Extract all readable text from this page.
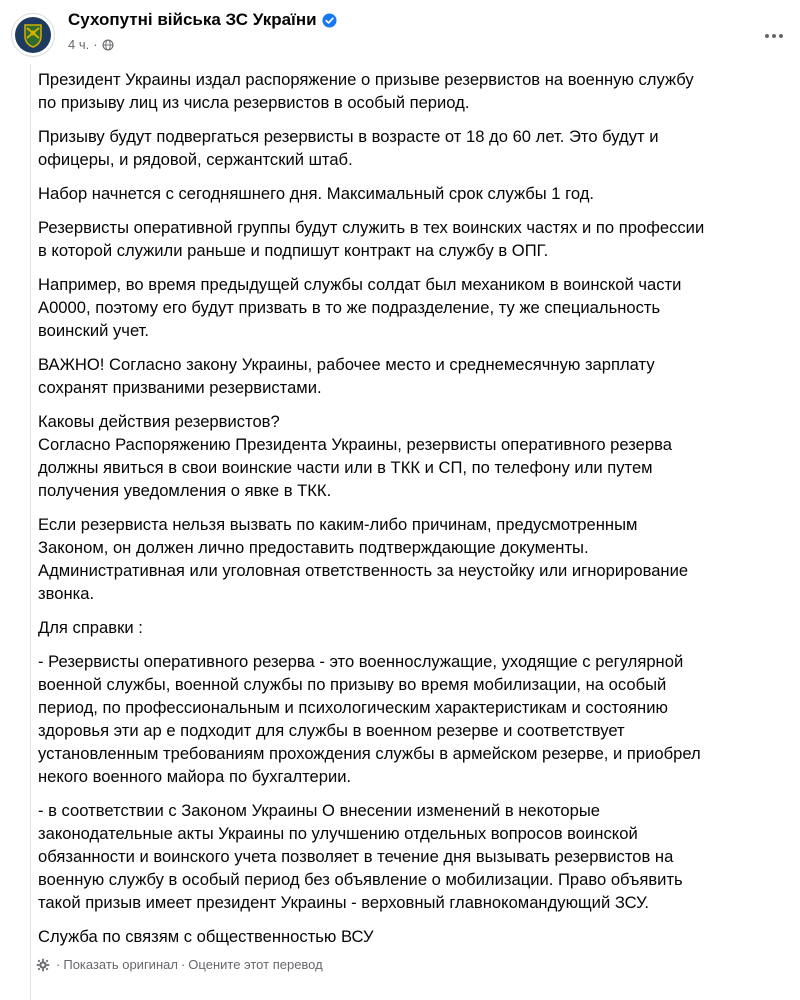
Сухопутні війська ЗС України
4 ч. ·

Президент Украины издал распоряжение о призыве резервистов на военную службу
по призыву лиц из числа резервистов в особый период.

Призыву будут подвергаться резервисты в возрасте от 18 до 60 лет. Это будут и
офицеры, и рядовой, сержантский штаб.

Набор начнется с сегодняшнего дня. Максимальный срок службы 1 год.

Резервисты оперативной группы будут служить в тех воинских частях и по профессии
в которой служили раньше и подпишут контракт на службу в ОПГ.

Например, во время предыдущей службы солдат был механиком в воинской части
А0000, поэтому его будут призвать в то же подразделение, ту же специальность
воинский учет.

ВАЖНО! Согласно закону Украины, рабочее место и среднемесячную зарплату
сохранят призваними резервистами.

Каковы действия резервистов?
Согласно Распоряжению Президента Украины, резервисты оперативного резерва
должны явиться в свои воинские части или в ТКК и СП, по телефону или путем
получения уведомления о явке в ТКК.

Если резервиста нельзя вызвать по каким-либо причинам, предусмотренным
Законом, он должен лично предоставить подтверждающие документы.
Административная или уголовная ответственность за неустойку или игнорирование
звонка.

Для справки :

- Резервисты оперативного резерва - это военнослужащие, уходящие с регулярной
военной службы, военной службы по призыву во время мобилизации, на особый
период, по профессиональным и психологическим характеристикам и состоянию
здоровья эти ар е подходит для службы в военном резерве и соответствует
установленным требованиям прохождения службы в армейском резерве, и приобрел
некого военного майора по бухгалтерии.

- в соответствии с Законом Украины О внесении изменений в некоторые
законодательные акты Украины по улучшению отдельных вопросов воинской
обязанности и воинского учета позволяет в течение дня вызывать резервистов на
военную службу в особый период без объявление о мобилизации. Право объявить
такой призыв имеет президент Украины - верховный главнокомандующий ЗСУ.

Служба по связям с общественностью ВСУ

· Показать оригинал · Оцените этот перевод
